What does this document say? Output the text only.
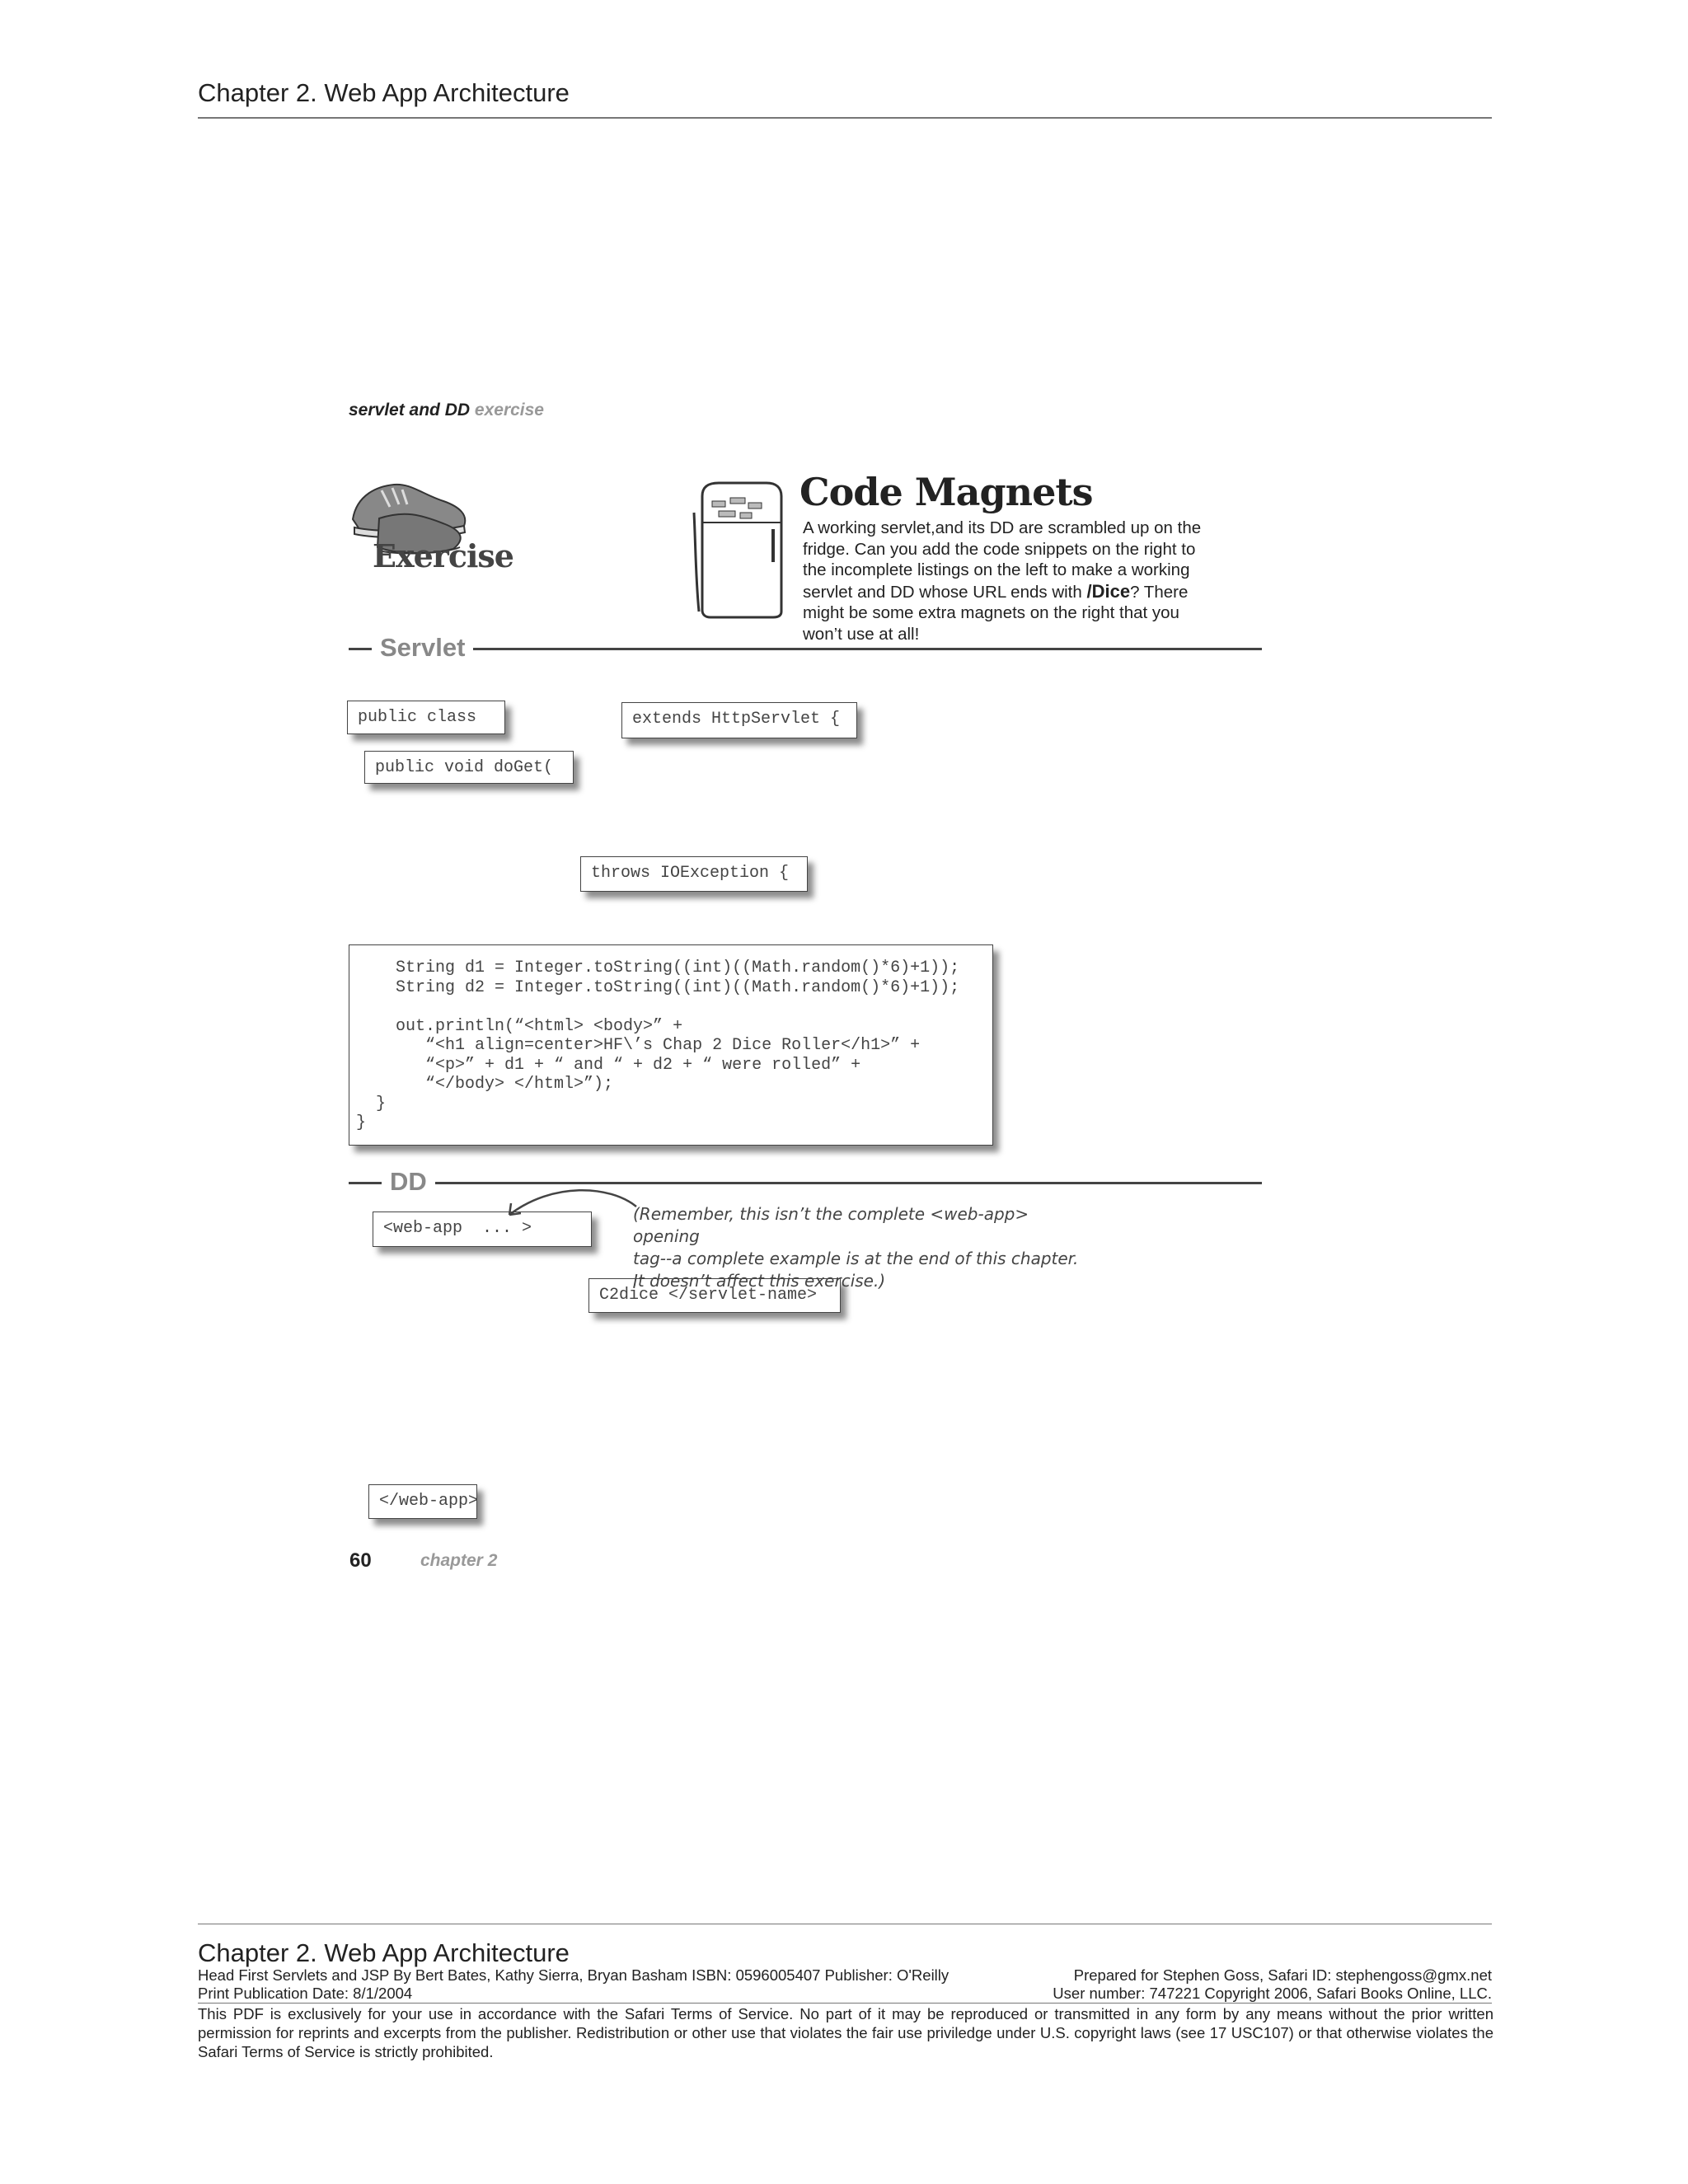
Chapter 2. Web App Architecture
servlet and DD exercise
Exercise
Code Magnets
A working servlet,and its DD are scrambled up on the fridge. Can you add the code snippets on the right to the incomplete listings on the left to make a working servlet and DD whose URL ends with /Dice? There might be some extra magnets on the right that you won’t use at all!
Servlet
public class	extends HttpServlet {
public void doGet(
throws IOException {
String d1 = Integer.toString((int)((Math.random()*6)+1));
String d2 = Integer.toString((int)((Math.random()*6)+1));

out.println(“<html> <body>” +
“<h1 align=center>HF\’s Chap 2 Dice Roller</h1>” +
“<p>” + d1 + “ and “ + d2 + “ were rolled” +
“</body> </html>”);
}
}
DD
<web-app  ... >
C2dice </servlet-name>
</web-app>
(Remember, this isn’t the complete <web-app> opening
tag--a complete example is at the end of this chapter.
It doesn’t affect this exercise.)
60	chapter 2
Chapter 2. Web App Architecture
Head First Servlets and JSP By Bert Bates, Kathy Sierra, Bryan Basham ISBN: 0596005407 Publisher: O'Reilly	Prepared for Stephen Goss, Safari ID: stephengoss@gmx.net
Print Publication Date: 8/1/2004	User number: 747221 Copyright 2006, Safari Books Online, LLC.
This PDF is exclusively for your use in accordance with the Safari Terms of Service. No part of it may be reproduced or transmitted in any form by any means without the prior written permission for reprints and excerpts from the publisher. Redistribution or other use that violates the fair use priviledge under U.S. copyright laws (see 17 USC107) or that otherwise violates the Safari Terms of Service is strictly prohibited.
